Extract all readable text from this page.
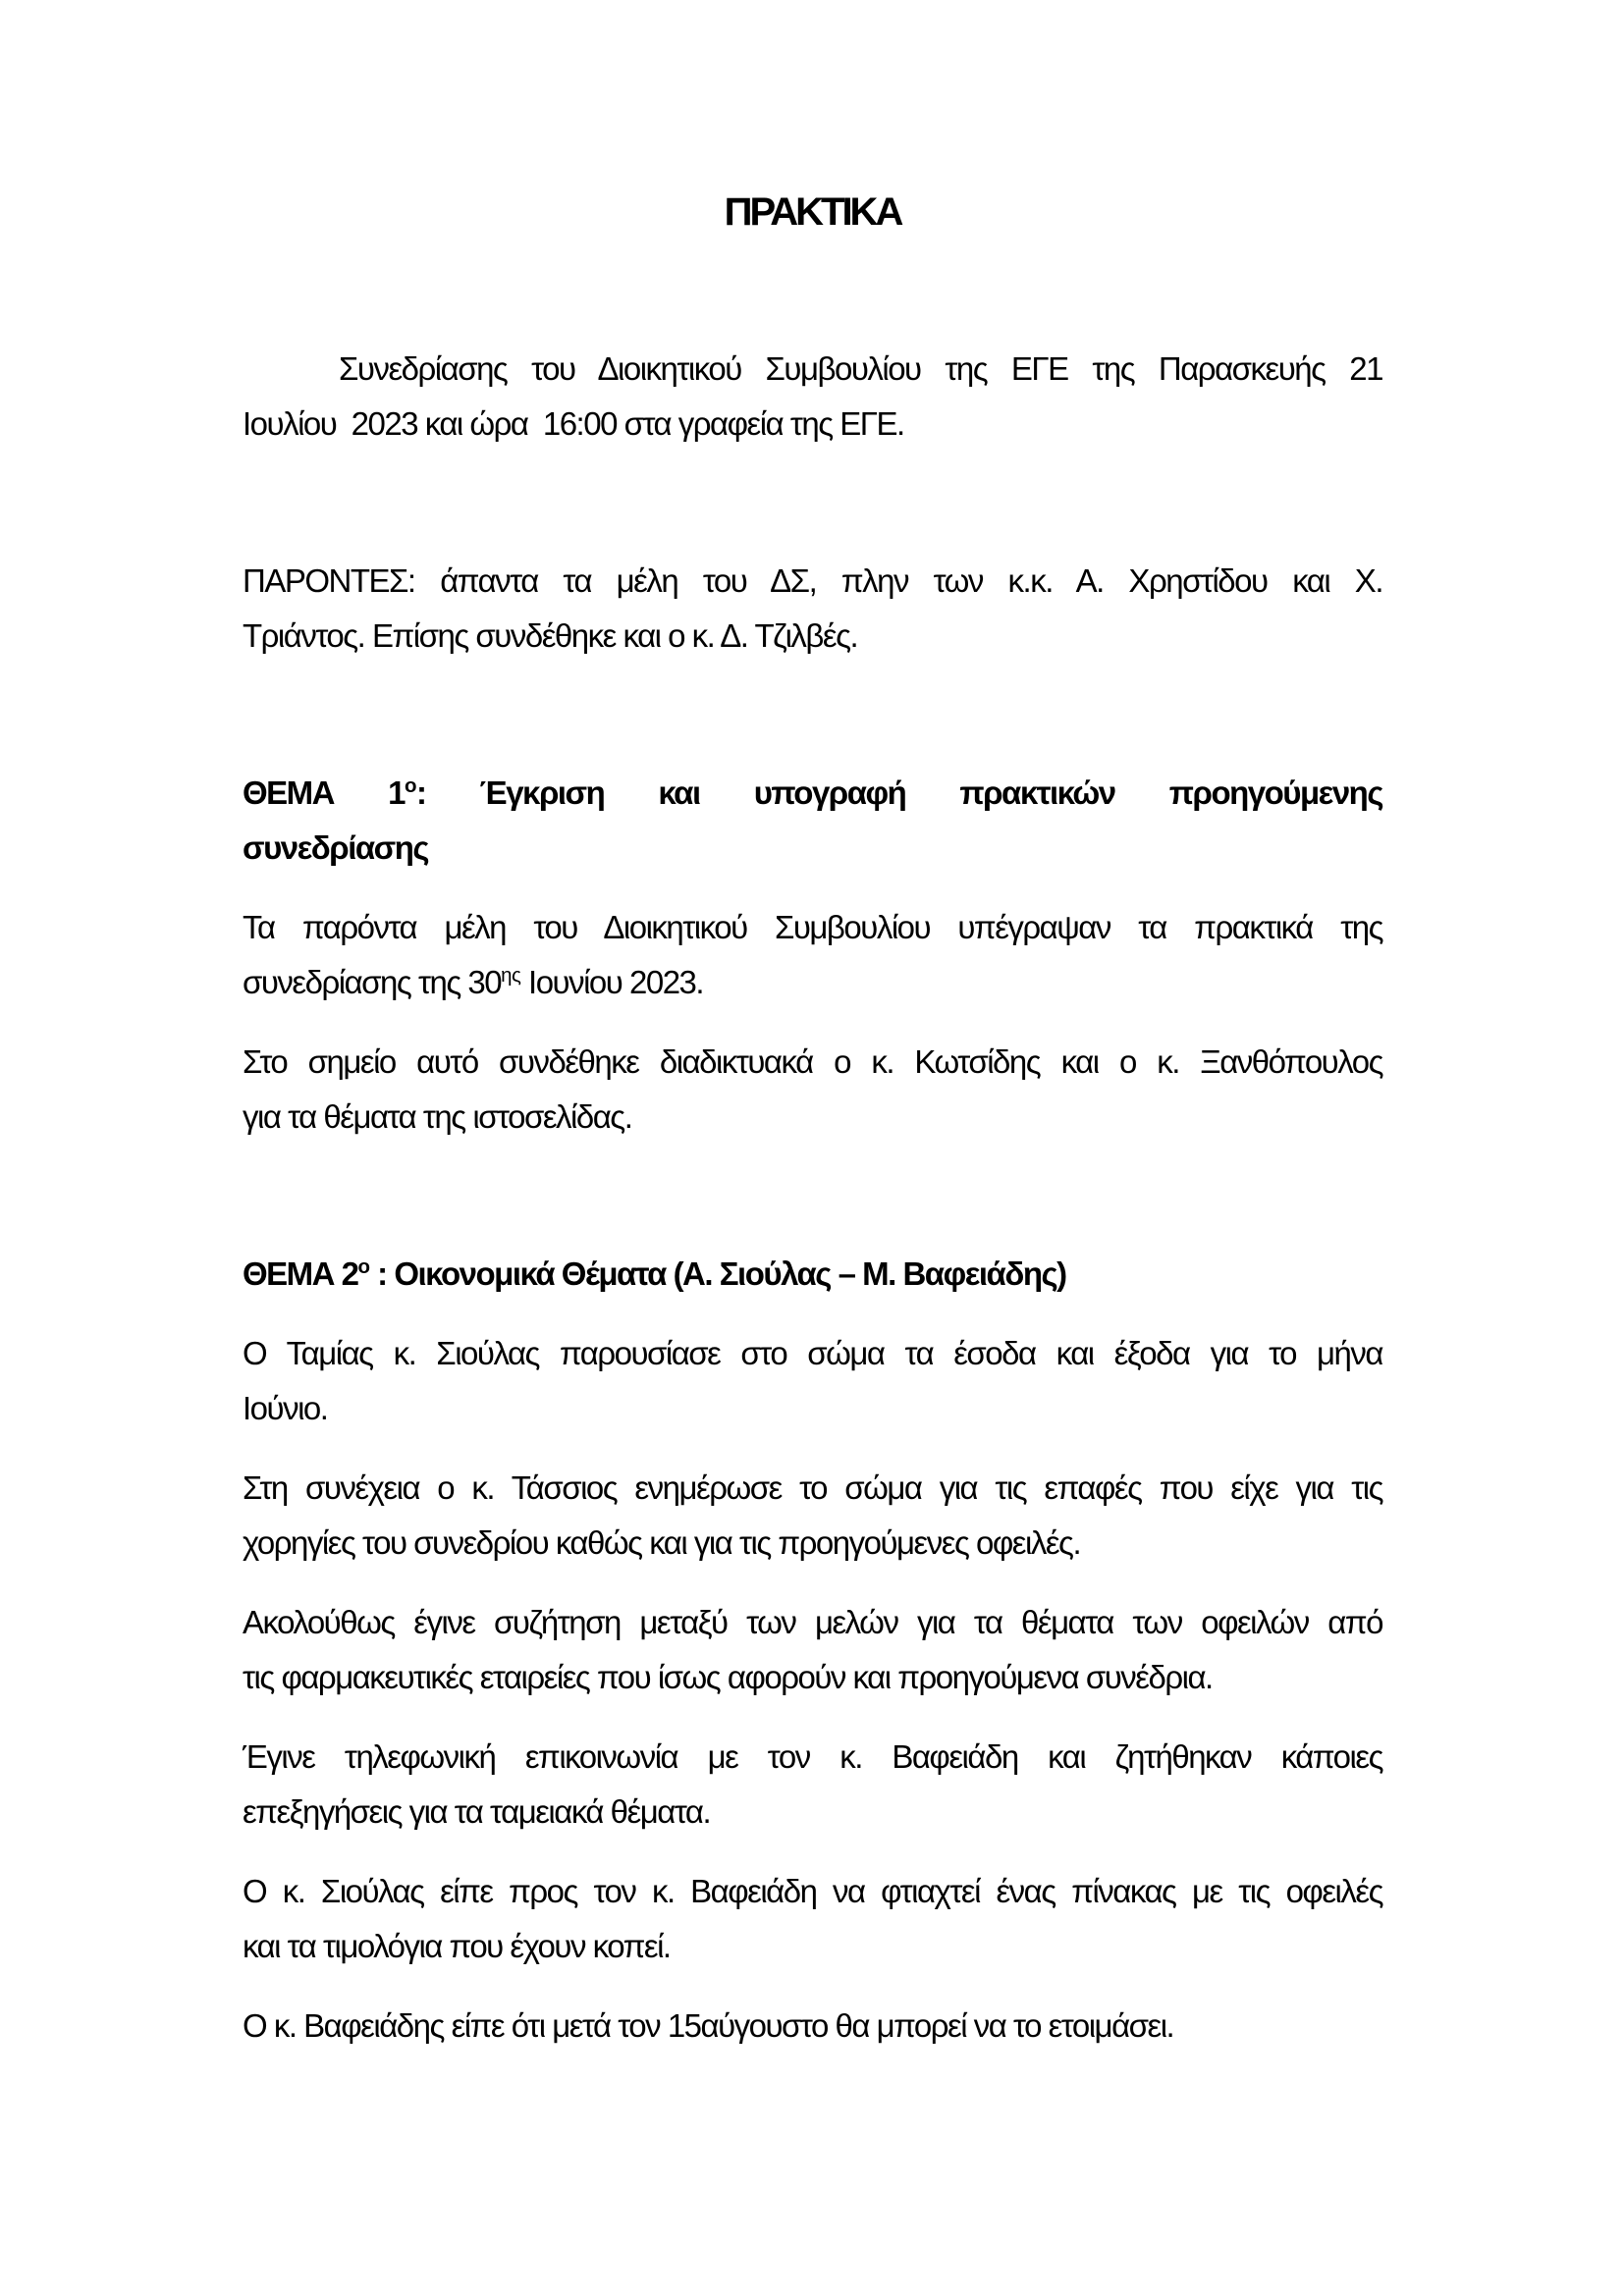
ΠΡΑΚΤΙΚΑ
Συνεδρίασης του Διοικητικού Συμβουλίου της ΕΓΕ της Παρασκευής 21
Ιουλίου  2023 και ώρα  16:00 στα γραφεία της ΕΓΕ.
ΠΑΡΟΝΤΕΣ: άπαντα τα μέλη του ΔΣ, πλην των κ.κ. Α. Χρηστίδου και Χ.
Τριάντος. Επίσης συνδέθηκε και ο κ. Δ. Τζιλβές.
ΘΕΜΑ $1^o$: Έγκριση και υπογραφή πρακτικών προηγούμενης
συνεδρίασης
Τα παρόντα μέλη του Διοικητικού Συμβουλίου υπέγραψαν τα πρακτικά της
συνεδρίασης της $30^{\eta\varsigma}$ Ιουνίου 2023.
Στο σημείο αυτό συνδέθηκε διαδικτυακά ο κ. Κωτσίδης και ο κ. Ξανθόπουλος
για τα θέματα της ιστοσελίδας.
ΘΕΜΑ $2^o$ : Οικονομικά Θέματα (Α. Σιούλας – Μ. Βαφειάδης)
Ο Ταμίας κ. Σιούλας παρουσίασε στο σώμα τα έσοδα και έξοδα για το μήνα
Ιούνιο.
Στη συνέχεια ο κ. Τάσσιος ενημέρωσε το σώμα για τις επαφές που είχε για τις
χορηγίες του συνεδρίου καθώς και για τις προηγούμενες οφειλές.
Ακολούθως έγινε συζήτηση μεταξύ των μελών για τα θέματα των οφειλών από
τις φαρμακευτικές εταιρείες που ίσως αφορούν και προηγούμενα συνέδρια.
Έγινε τηλεφωνική επικοινωνία με τον κ. Βαφειάδη και ζητήθηκαν κάποιες
επεξηγήσεις για τα ταμειακά θέματα.
Ο κ. Σιούλας είπε προς τον κ. Βαφειάδη να φτιαχτεί ένας πίνακας με τις οφειλές
και τα τιμολόγια που έχουν κοπεί.
Ο κ. Βαφειάδης είπε ότι μετά τον 15αύγουστο θα μπορεί να το ετοιμάσει.
